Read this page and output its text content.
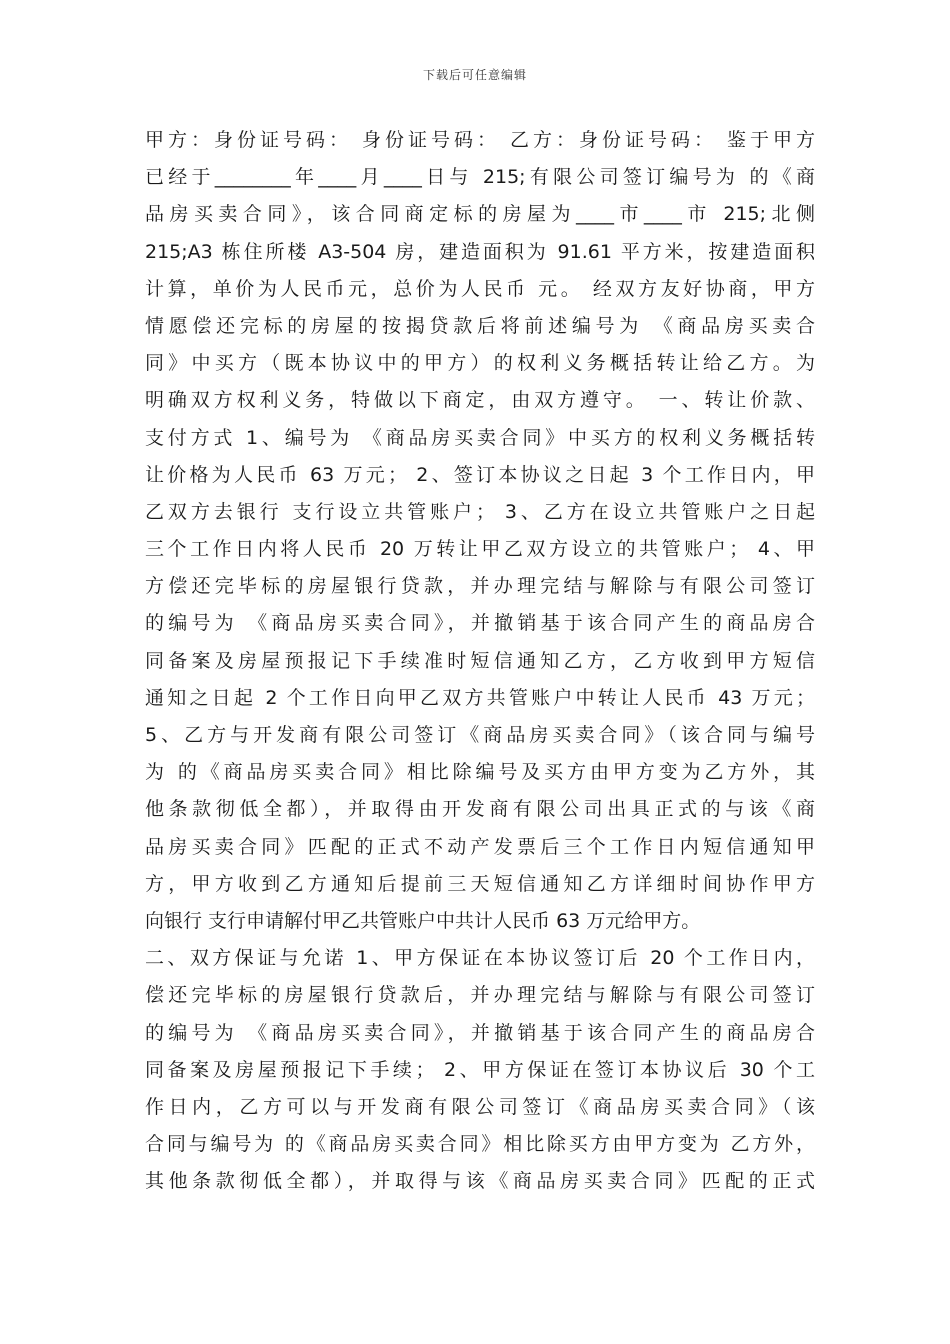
下载后可任意编辑
甲方：身份证号码： 身份证号码： 乙方：身份证号码： 鉴于甲方
已经于________年____月____日与 215;有限公司签订编号为 的《商
品房买卖合同》，该合同商定标的房屋为____市____市 215;北侧
215;A3 栋住所楼 A3-504 房，建造面积为 91.61 平方米，按建造面积
计算，单价为人民币元，总价为人民币 元。 经双方友好协商，甲方
情愿偿还完标的房屋的按揭贷款后将前述编号为 《商品房买卖合
同》中买方（既本协议中的甲方）的权利义务概括转让给乙方。为
明确双方权利义务，特做以下商定，由双方遵守。 一、转让价款、
支付方式 1、编号为 《商品房买卖合同》中买方的权利义务概括转
让价格为人民币 63 万元； 2、签订本协议之日起 3 个工作日内，甲
乙双方去银行 支行设立共管账户； 3、乙方在设立共管账户之日起
三个工作日内将人民币 20 万转让甲乙双方设立的共管账户； 4、甲
方偿还完毕标的房屋银行贷款，并办理完结与解除与有限公司签订
的编号为 《商品房买卖合同》，并撤销基于该合同产生的商品房合
同备案及房屋预报记下手续准时短信通知乙方，乙方收到甲方短信
通知之日起 2 个工作日向甲乙双方共管账户中转让人民币 43 万元；
5、乙方与开发商有限公司签订《商品房买卖合同》（该合同与编号
为 的《商品房买卖合同》相比除编号及买方由甲方变为乙方外，其
他条款彻低全都），并取得由开发商有限公司出具正式的与该《商
品房买卖合同》匹配的正式不动产发票后三个工作日内短信通知甲
方，甲方收到乙方通知后提前三天短信通知乙方详细时间协作甲方
向银行 支行申请解付甲乙共管账户中共计人民币 63 万元给甲方。
二、双方保证与允诺 1、甲方保证在本协议签订后 20 个工作日内，
偿还完毕标的房屋银行贷款后，并办理完结与解除与有限公司签订
的编号为 《商品房买卖合同》，并撤销基于该合同产生的商品房合
同备案及房屋预报记下手续； 2、甲方保证在签订本协议后 30 个工
作日内，乙方可以与开发商有限公司签订《商品房买卖合同》（该
合同与编号为 的《商品房买卖合同》相比除买方由甲方变为 乙方外，
其他条款彻低全都），并取得与该《商品房买卖合同》匹配的正式
